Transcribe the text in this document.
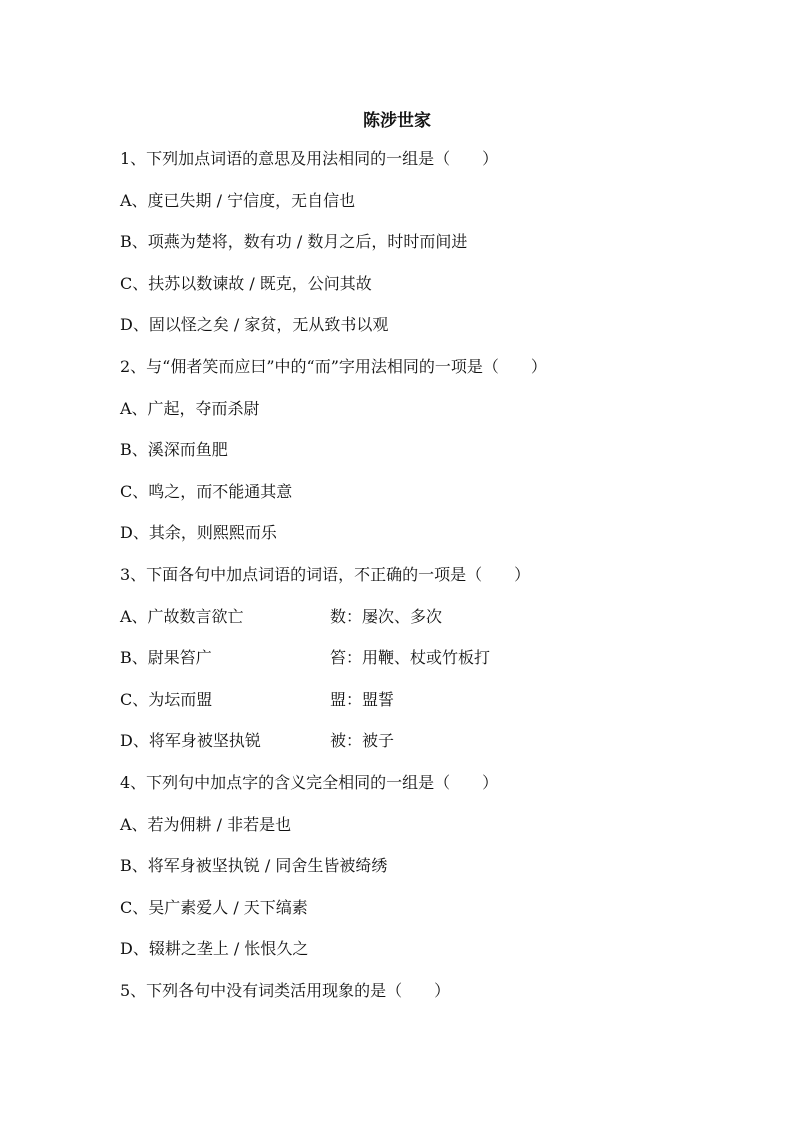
陈涉世家
1、下列加点词语的意思及用法相同的一组是（　　）
A、度已失期 / 宁信度，无自信也
B、项燕为楚将，数有功 / 数月之后，时时而间进
C、扶苏以数谏故 / 既克，公问其故
D、固以怪之矣 / 家贫，无从致书以观
2、与“佣者笑而应曰”中的“而”字用法相同的一项是（　　）
A、广起，夺而杀尉
B、溪深而鱼肥
C、鸣之，而不能通其意
D、其余，则熙熙而乐
3、下面各句中加点词语的词语，不正确的一项是（　　）
A、广故数言欲亡	数：屡次、多次
B、尉果笞广	笞：用鞭、杖或竹板打
C、为坛而盟	盟：盟誓
D、将军身被坚执锐	被：被子
4、下列句中加点字的含义完全相同的一组是（　　）
A、若为佣耕 / 非若是也
B、将军身被坚执锐 / 同舍生皆被绮绣
C、吴广素爱人 / 天下缟素
D、辍耕之垄上 / 怅恨久之
5、下列各句中没有词类活用现象的是（　　）
